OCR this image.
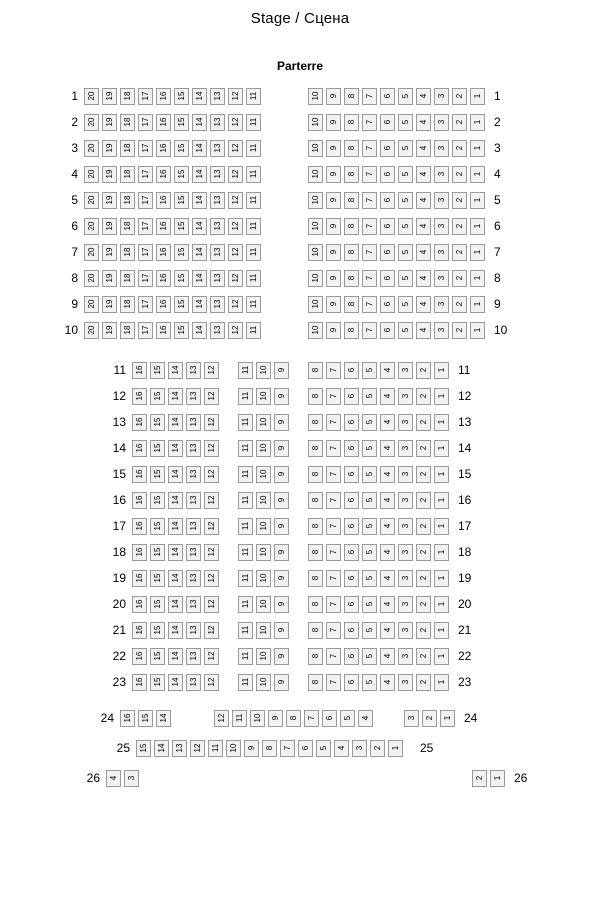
Stage / Сцена
Parterre
1 20 19 18 17 16 15 14 13 12 11	10 9 8 7 6 5 4 3 2 1 1
2 20 19 18 17 16 15 14 13 12 11	10 9 8 7 6 5 4 3 2 1 2
3 20 19 18 17 16 15 14 13 12 11	10 9 8 7 6 5 4 3 2 1 3
4 20 19 18 17 16 15 14 13 12 11	10 9 8 7 6 5 4 3 2 1 4
5 20 19 18 17 16 15 14 13 12 11	10 9 8 7 6 5 4 3 2 1 5
6 20 19 18 17 16 15 14 13 12 11	10 9 8 7 6 5 4 3 2 1 6
7 20 19 18 17 16 15 14 13 12 11	10 9 8 7 6 5 4 3 2 1 7
8 20 19 18 17 16 15 14 13 12 11	10 9 8 7 6 5 4 3 2 1 8
9 20 19 18 17 16 15 14 13 12 11	10 9 8 7 6 5 4 3 2 1 9
10 20 19 18 17 16 15 14 13 12 11	10 9 8 7 6 5 4 3 2 1 10
11 16 15 14 13 12	11 10 9	8 7 6 5 4 3 2 1 11
12 16 15 14 13 12	11 10 9	8 7 6 5 4 3 2 1 12
13 16 15 14 13 12	11 10 9	8 7 6 5 4 3 2 1 13
14 16 15 14 13 12	11 10 9	8 7 6 5 4 3 2 1 14
15 16 15 14 13 12	11 10 9	8 7 6 5 4 3 2 1 15
16 16 15 14 13 12	11 10 9	8 7 6 5 4 3 2 1 16
17 16 15 14 13 12	11 10 9	8 7 6 5 4 3 2 1 17
18 16 15 14 13 12	11 10 9	8 7 6 5 4 3 2 1 18
19 16 15 14 13 12	11 10 9	8 7 6 5 4 3 2 1 19
20 16 15 14 13 12	11 10 9	8 7 6 5 4 3 2 1 20
21 16 15 14 13 12	11 10 9	8 7 6 5 4 3 2 1 21
22 16 15 14 13 12	11 10 9	8 7 6 5 4 3 2 1 22
23 16 15 14 13 12	11 10 9	8 7 6 5 4 3 2 1 23
24 16 15 14	12 11 10 9 8 7 6 5 4	3 2 1 24
25 15 14 13 12 11 10 9 8 7 6 5 4 3 2 1 25
26 4 3	2 1 26
